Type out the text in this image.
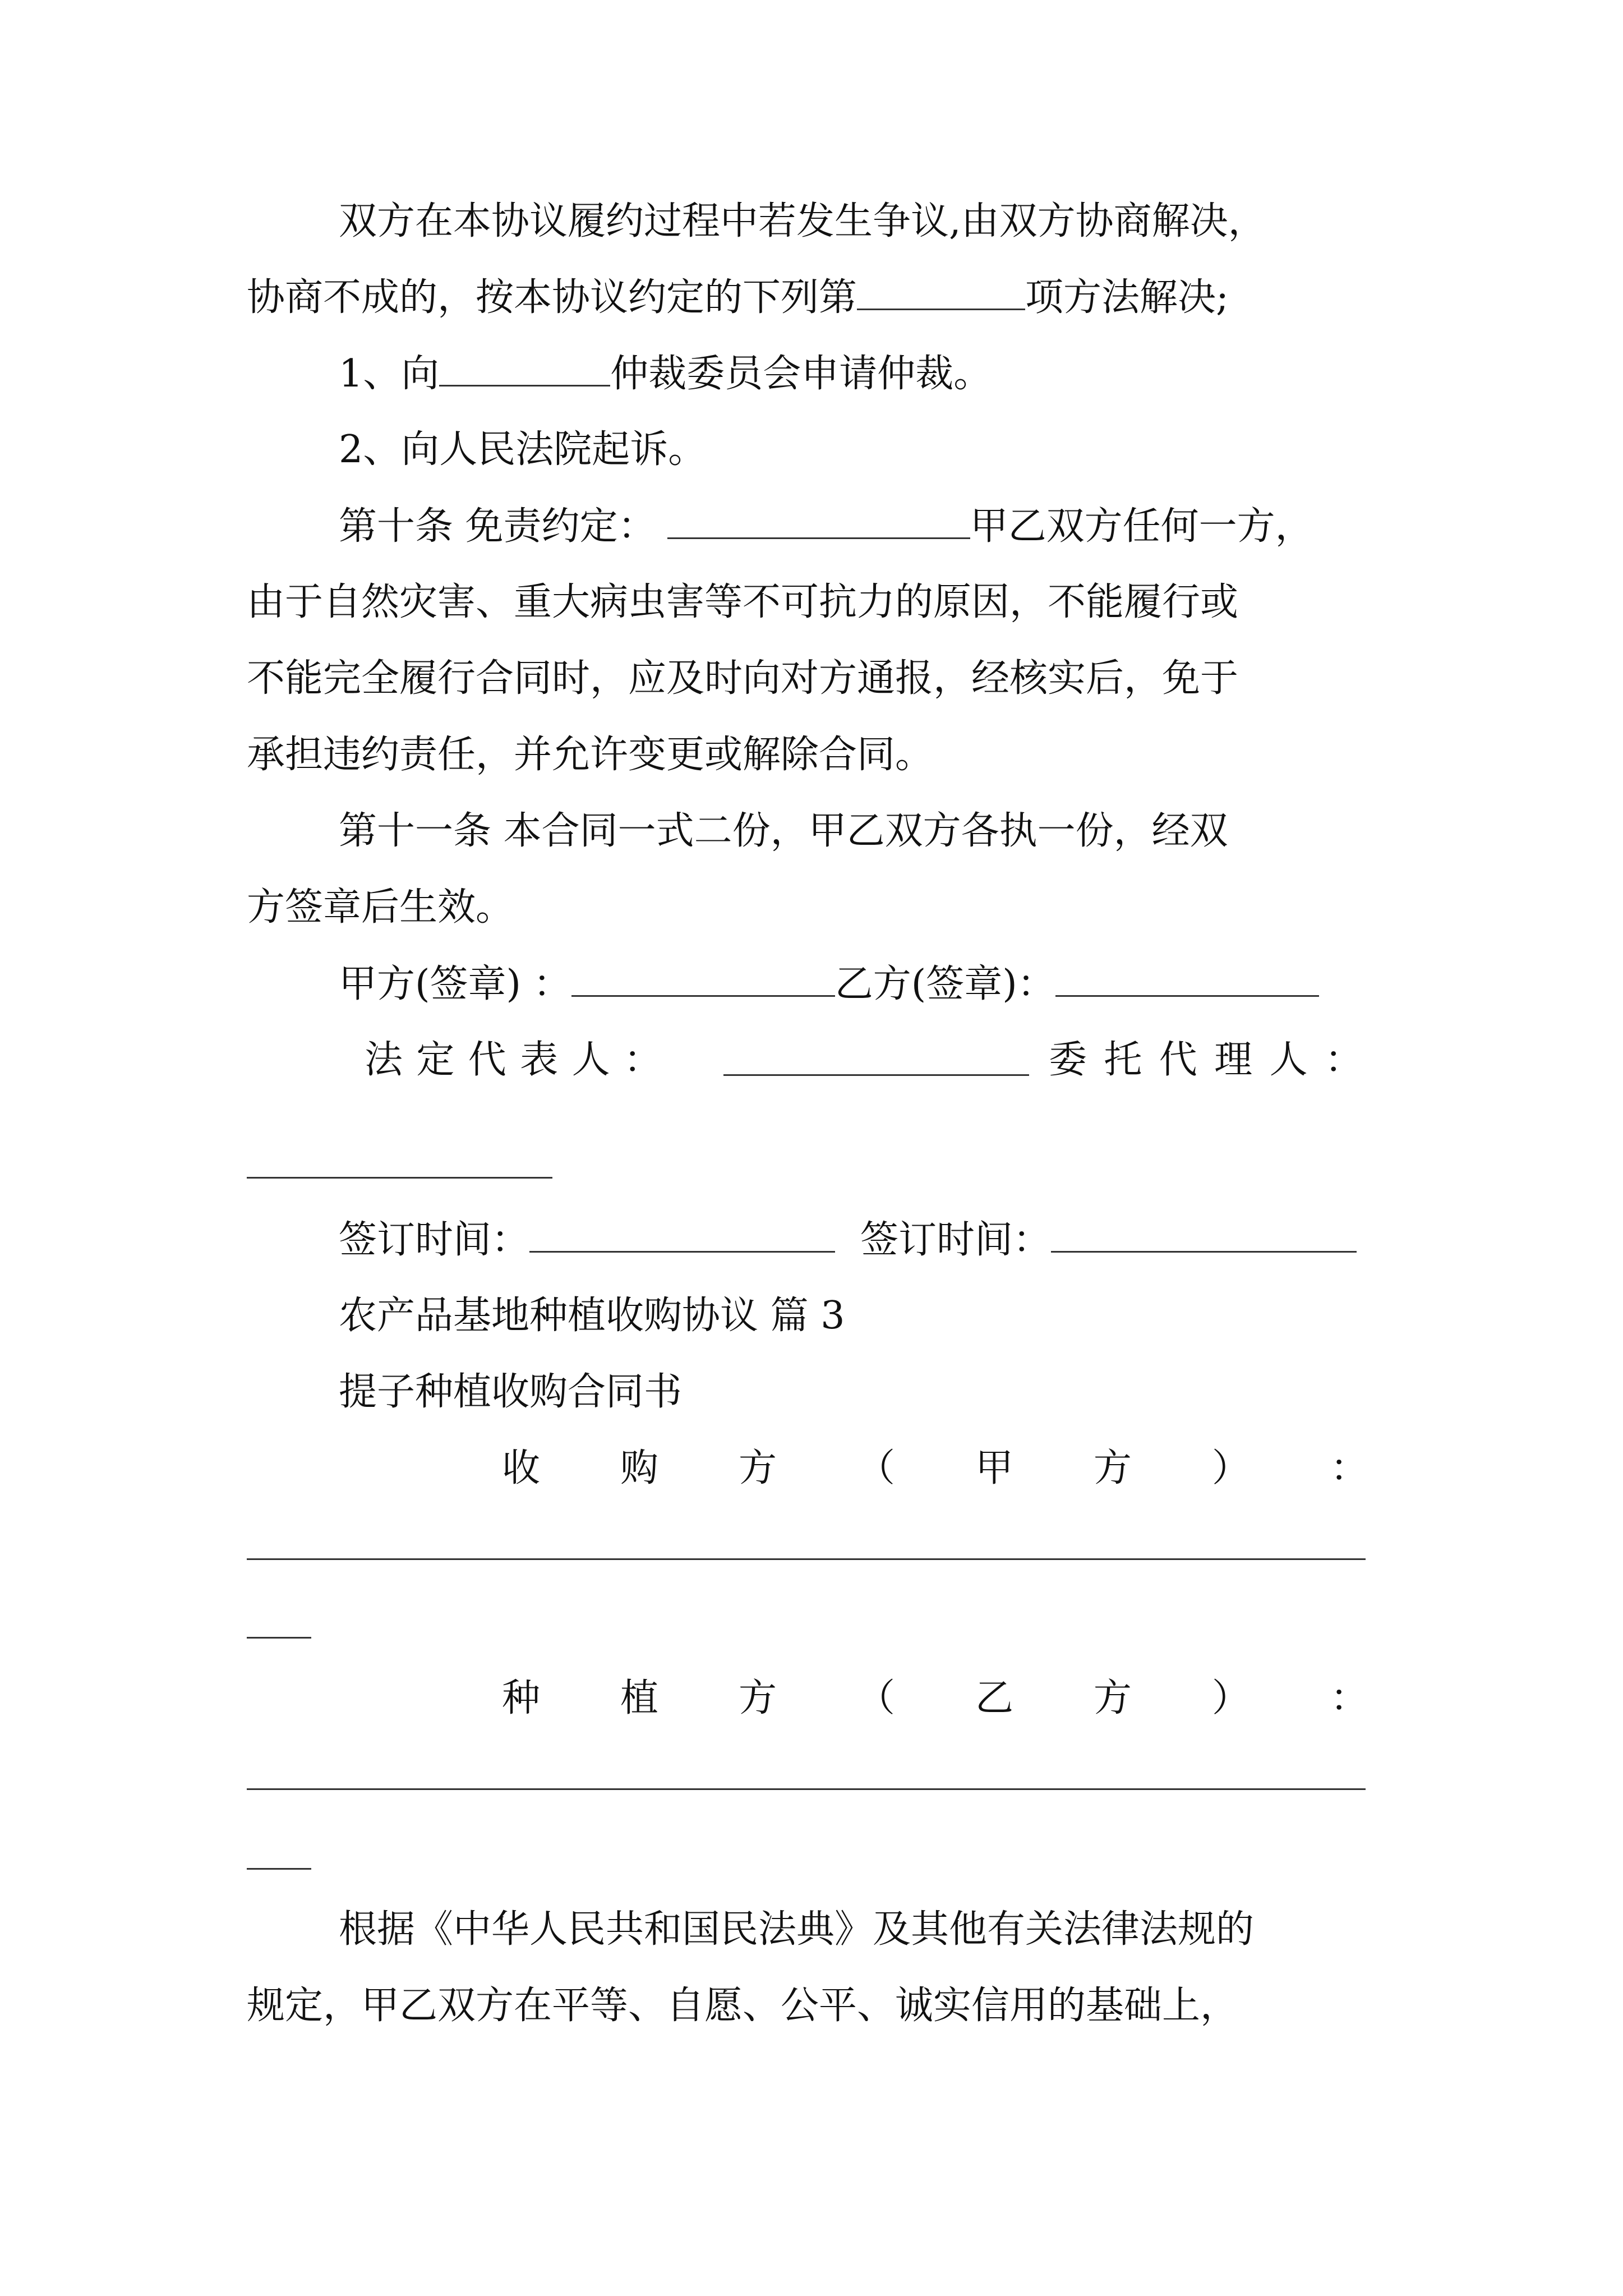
双方在本协议履约过程中若发生争议,由双方协商解决，
协商不成的，按本协议约定的下列第	项方法解决;
1、向	仲裁委员会申请仲裁。
2、向人民法院起诉。
第十条 免责约定：	甲乙双方任何一方，
由于自然灾害、重大病虫害等不可抗力的原因，不能履行或
不能完全履行合同时，应及时向对方通报，经核实后，免于
承担违约责任，并允许变更或解除合同。
第十一条 本合同一式二份，甲乙双方各执一份，经双
方签章后生效。
甲方(签章) ：	乙方(签章)：
法 定 代 表 人 ：	委 托 代 理 人 ：
签订时间：	签订时间：
农产品基地种植收购协议 篇 3
提子种植收购合同书
收 购 方 （ 甲 方 ） ：
种 植 方 （ 乙 方 ） ：
根据《中华人民共和国民法典》及其他有关法律法规的
规定，甲乙双方在平等、自愿、公平、诚实信用的基础上，
